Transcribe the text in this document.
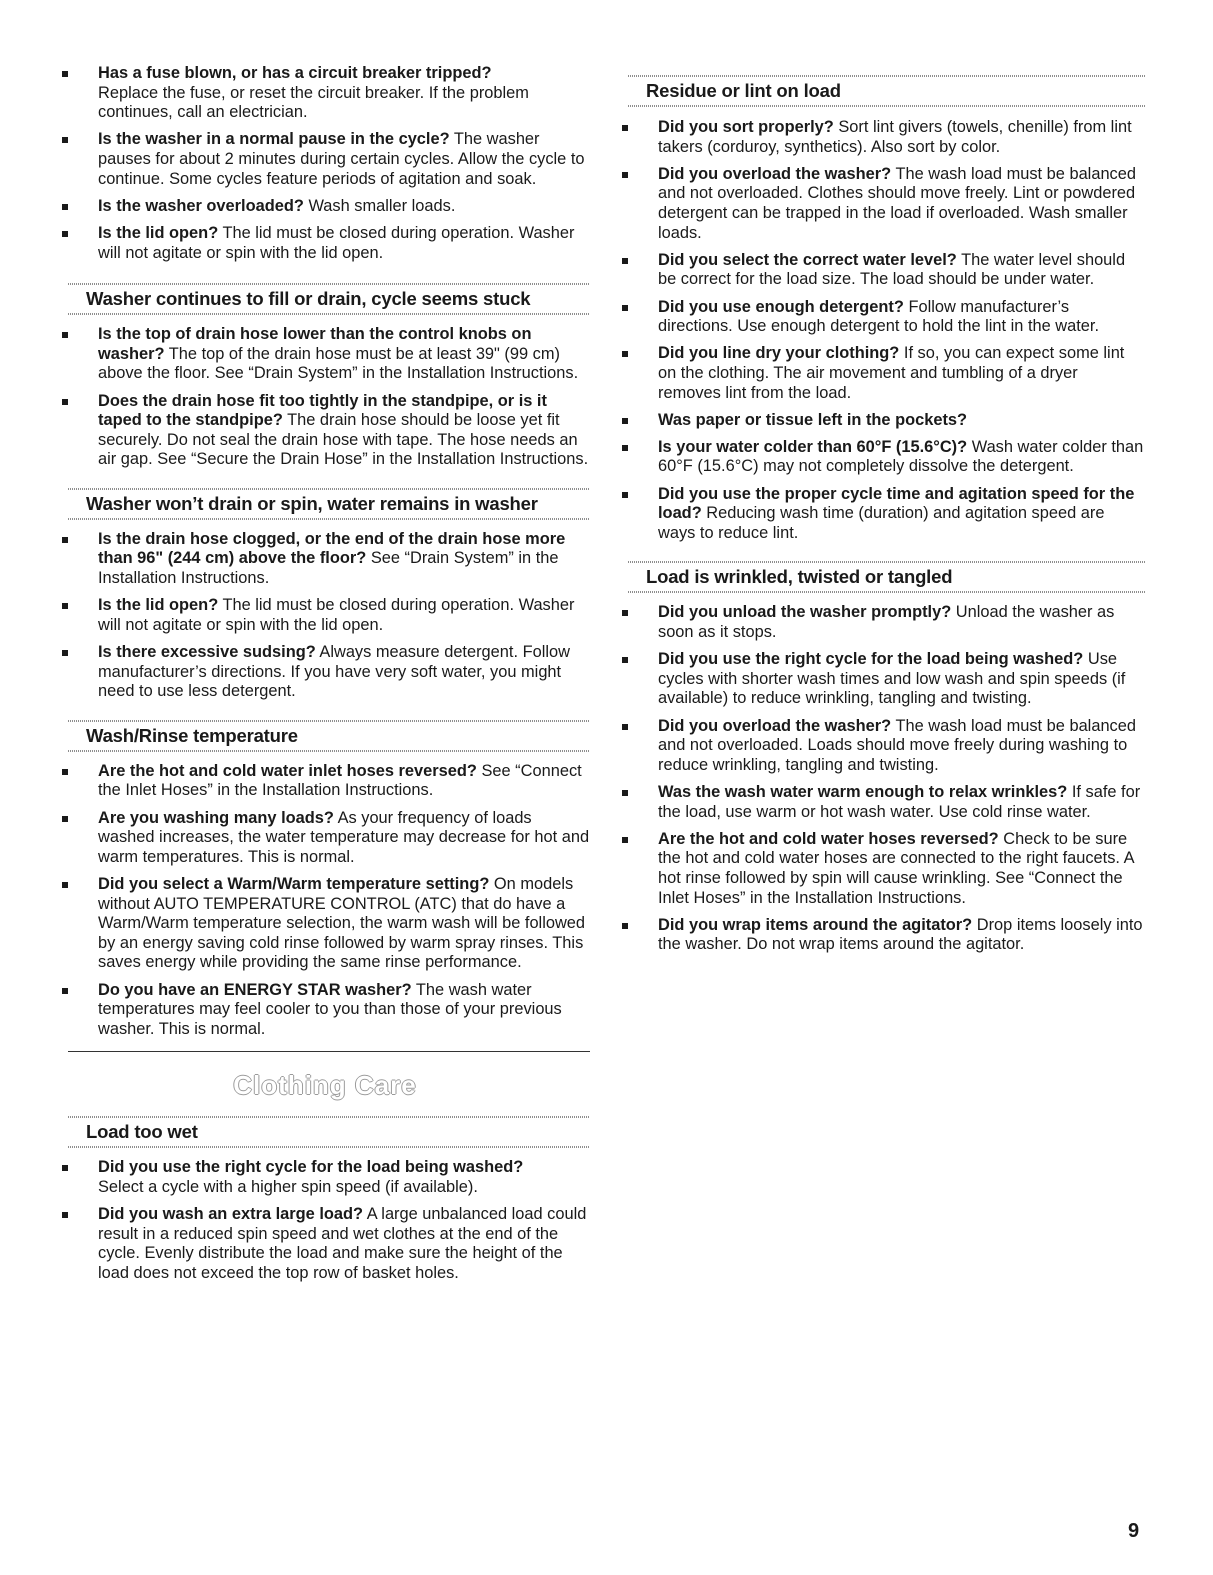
Has a fuse blown, or has a circuit breaker tripped?
Replace the fuse, or reset the circuit breaker. If the problem continues, call an electrician.
Is the washer in a normal pause in the cycle? The washer pauses for about 2 minutes during certain cycles. Allow the cycle to continue. Some cycles feature periods of agitation and soak.
Is the washer overloaded? Wash smaller loads.
Is the lid open? The lid must be closed during operation. Washer will not agitate or spin with the lid open.
Washer continues to fill or drain, cycle seems stuck
Is the top of drain hose lower than the control knobs on washer? The top of the drain hose must be at least 39" (99 cm) above the floor. See “Drain System” in the Installation Instructions.
Does the drain hose fit too tightly in the standpipe, or is it taped to the standpipe? The drain hose should be loose yet fit securely. Do not seal the drain hose with tape. The hose needs an air gap. See “Secure the Drain Hose” in the Installation Instructions.
Washer won’t drain or spin, water remains in washer
Is the drain hose clogged, or the end of the drain hose more than 96" (244 cm) above the floor? See “Drain System” in the Installation Instructions.
Is the lid open? The lid must be closed during operation. Washer will not agitate or spin with the lid open.
Is there excessive sudsing? Always measure detergent. Follow manufacturer’s directions. If you have very soft water, you might need to use less detergent.
Wash/Rinse temperature
Are the hot and cold water inlet hoses reversed? See “Connect the Inlet Hoses” in the Installation Instructions.
Are you washing many loads? As your frequency of loads washed increases, the water temperature may decrease for hot and warm temperatures. This is normal.
Did you select a Warm/Warm temperature setting? On models without AUTO TEMPERATURE CONTROL (ATC) that do have a Warm/Warm temperature selection, the warm wash will be followed by an energy saving cold rinse followed by warm spray rinses. This saves energy while providing the same rinse performance.
Do you have an ENERGY STAR washer? The wash water temperatures may feel cooler to you than those of your previous washer. This is normal.
Clothing Care
Load too wet
Did you use the right cycle for the load being washed?
Select a cycle with a higher spin speed (if available).
Did you wash an extra large load? A large unbalanced load could result in a reduced spin speed and wet clothes at the end of the cycle. Evenly distribute the load and make sure the height of the load does not exceed the top row of basket holes.
Residue or lint on load
Did you sort properly? Sort lint givers (towels, chenille) from lint takers (corduroy, synthetics). Also sort by color.
Did you overload the washer? The wash load must be balanced and not overloaded. Clothes should move freely. Lint or powdered detergent can be trapped in the load if overloaded. Wash smaller loads.
Did you select the correct water level? The water level should be correct for the load size. The load should be under water.
Did you use enough detergent? Follow manufacturer’s directions. Use enough detergent to hold the lint in the water.
Did you line dry your clothing? If so, you can expect some lint on the clothing. The air movement and tumbling of a dryer removes lint from the load.
Was paper or tissue left in the pockets?
Is your water colder than 60°F (15.6°C)? Wash water colder than 60°F (15.6°C) may not completely dissolve the detergent.
Did you use the proper cycle time and agitation speed for the load? Reducing wash time (duration) and agitation speed are ways to reduce lint.
Load is wrinkled, twisted or tangled
Did you unload the washer promptly? Unload the washer as soon as it stops.
Did you use the right cycle for the load being washed? Use cycles with shorter wash times and low wash and spin speeds (if available) to reduce wrinkling, tangling and twisting.
Did you overload the washer? The wash load must be balanced and not overloaded. Loads should move freely during washing to reduce wrinkling, tangling and twisting.
Was the wash water warm enough to relax wrinkles? If safe for the load, use warm or hot wash water. Use cold rinse water.
Are the hot and cold water hoses reversed? Check to be sure the hot and cold water hoses are connected to the right faucets. A hot rinse followed by spin will cause wrinkling. See “Connect the Inlet Hoses” in the Installation Instructions.
Did you wrap items around the agitator? Drop items loosely into the washer. Do not wrap items around the agitator.
9
